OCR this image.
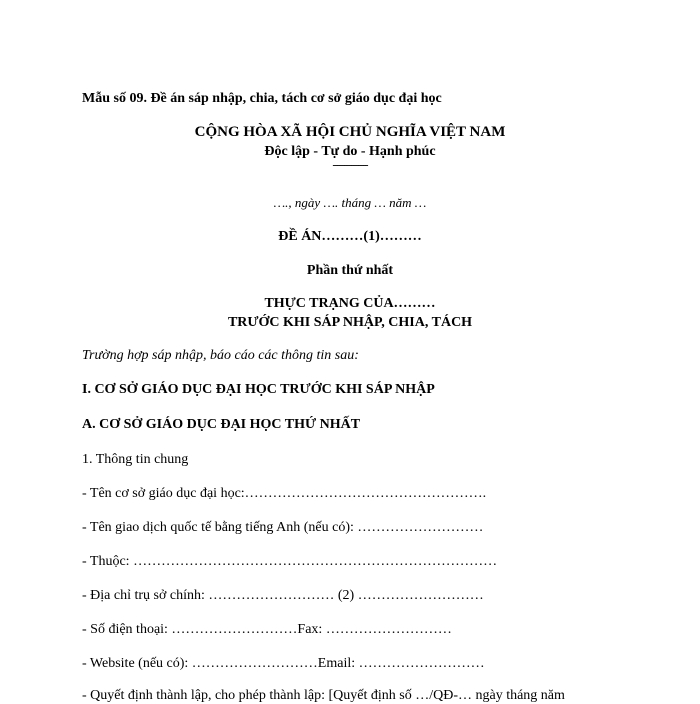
Mẫu số 09. Đề án sáp nhập, chia, tách cơ sở giáo dục đại học
CỘNG HÒA XÃ HỘI CHỦ NGHĨA VIỆT NAM
Độc lập - Tự do - Hạnh phúc
---------------
…., ngày …. tháng … năm …
ĐỀ ÁN………(1)………
Phần thứ nhất
THỰC TRẠNG CỦA………
TRƯỚC KHI SÁP NHẬP, CHIA, TÁCH
Trường hợp sáp nhập, báo cáo các thông tin sau:
I. CƠ SỞ GIÁO DỤC ĐẠI HỌC TRƯỚC KHI SÁP NHẬP
A. CƠ SỞ GIÁO DỤC ĐẠI HỌC THỨ NHẤT
1. Thông tin chung
- Tên cơ sở giáo dục đại học:…………………………………………….
- Tên giao dịch quốc tế bằng tiếng Anh (nếu có): ………………………
- Thuộc: ……………………………………………………………………
- Địa chỉ trụ sở chính: ……………………… (2) ………………………
- Số điện thoại: ………………………Fax: ………………………
- Website (nếu có): ………………………Email: ………………………
- Quyết định thành lập, cho phép thành lập: [Quyết định số …/QĐ-… ngày tháng năm
